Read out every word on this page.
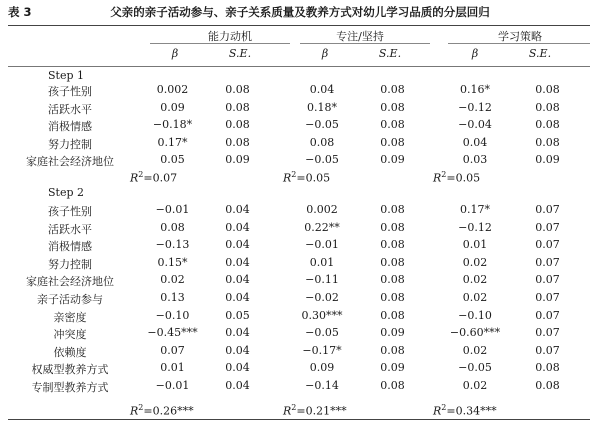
表 3	父亲的亲子活动参与、亲子关系质量及教养方式对幼儿学习品质的分层回归
能力动机	专注/坚持	学习策略
β	S.E.	β	S.E.	β	S.E.
Step 1
孩子性别	0.002	0.08	0.04	0.08	0.16*	0.08
活跃水平	0.09	0.08	0.18*	0.08	−0.12	0.08
消极情感	−0.18*	0.08	−0.05	0.08	−0.04	0.08
努力控制	0.17*	0.08	0.08	0.08	0.04	0.08
家庭社会经济地位	0.05	0.09	−0.05	0.09	0.03	0.09
$R^2=0.07$	$R^2=0.05$	$R^2=0.05$
Step 2
孩子性别	−0.01	0.04	0.002	0.08	0.17*	0.07
活跃水平	0.08	0.04	0.22**	0.08	−0.12	0.07
消极情感	−0.13	0.04	−0.01	0.08	0.01	0.07
努力控制	0.15*	0.04	0.01	0.08	0.02	0.07
家庭社会经济地位	0.02	0.04	−0.11	0.08	0.02	0.07
亲子活动参与	0.13	0.04	−0.02	0.08	0.02	0.07
亲密度	−0.10	0.05	0.30***	0.08	−0.10	0.07
冲突度	−0.45***	0.04	−0.05	0.09	−0.60***	0.07
依赖度	0.07	0.04	−0.17*	0.08	0.02	0.07
权威型教养方式	0.01	0.04	0.09	0.09	−0.05	0.08
专制型教养方式	−0.01	0.04	−0.14	0.08	0.02	0.08
$R^2=0.26***$	$R^2=0.21***$	$R^2=0.34***$
